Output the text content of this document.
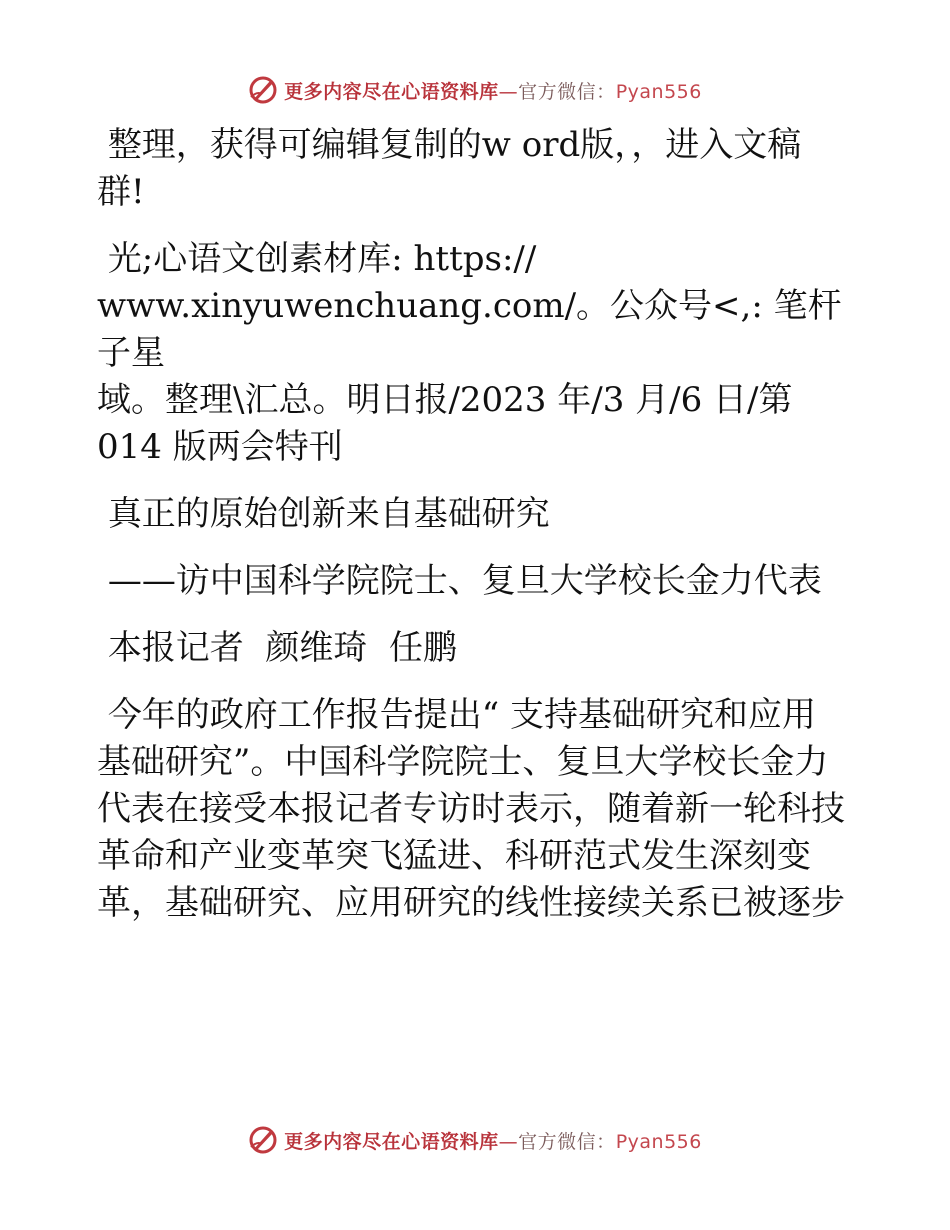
更多内容尽在心语资料库—官方微信：Pyan556

整理，获得可编辑复制的w ord版，，进入文稿

群!

光;心语文创素材库: https://

www.xinyuwenchuang.com/。公众号<,: 笔杆子星

域。整理\汇总。明日报/2023 年/3 月/6 日/第

014 版两会特刊

真正的原始创新来自基础研究

——访中国科学院院士、复旦大学校长金力代表

本报记者  颜维琦  任鹏

今年的政府工作报告提出“ 支持基础研究和应用

基础研究”。中国科学院院士、复旦大学校长金力

代表在接受本报记者专访时表示，随着新一轮科技

革命和产业变革突飞猛进、科研范式发生深刻变

革，基础研究、应用研究的线性接续关系已被逐步

更多内容尽在心语资料库—官方微信：Pyan556
